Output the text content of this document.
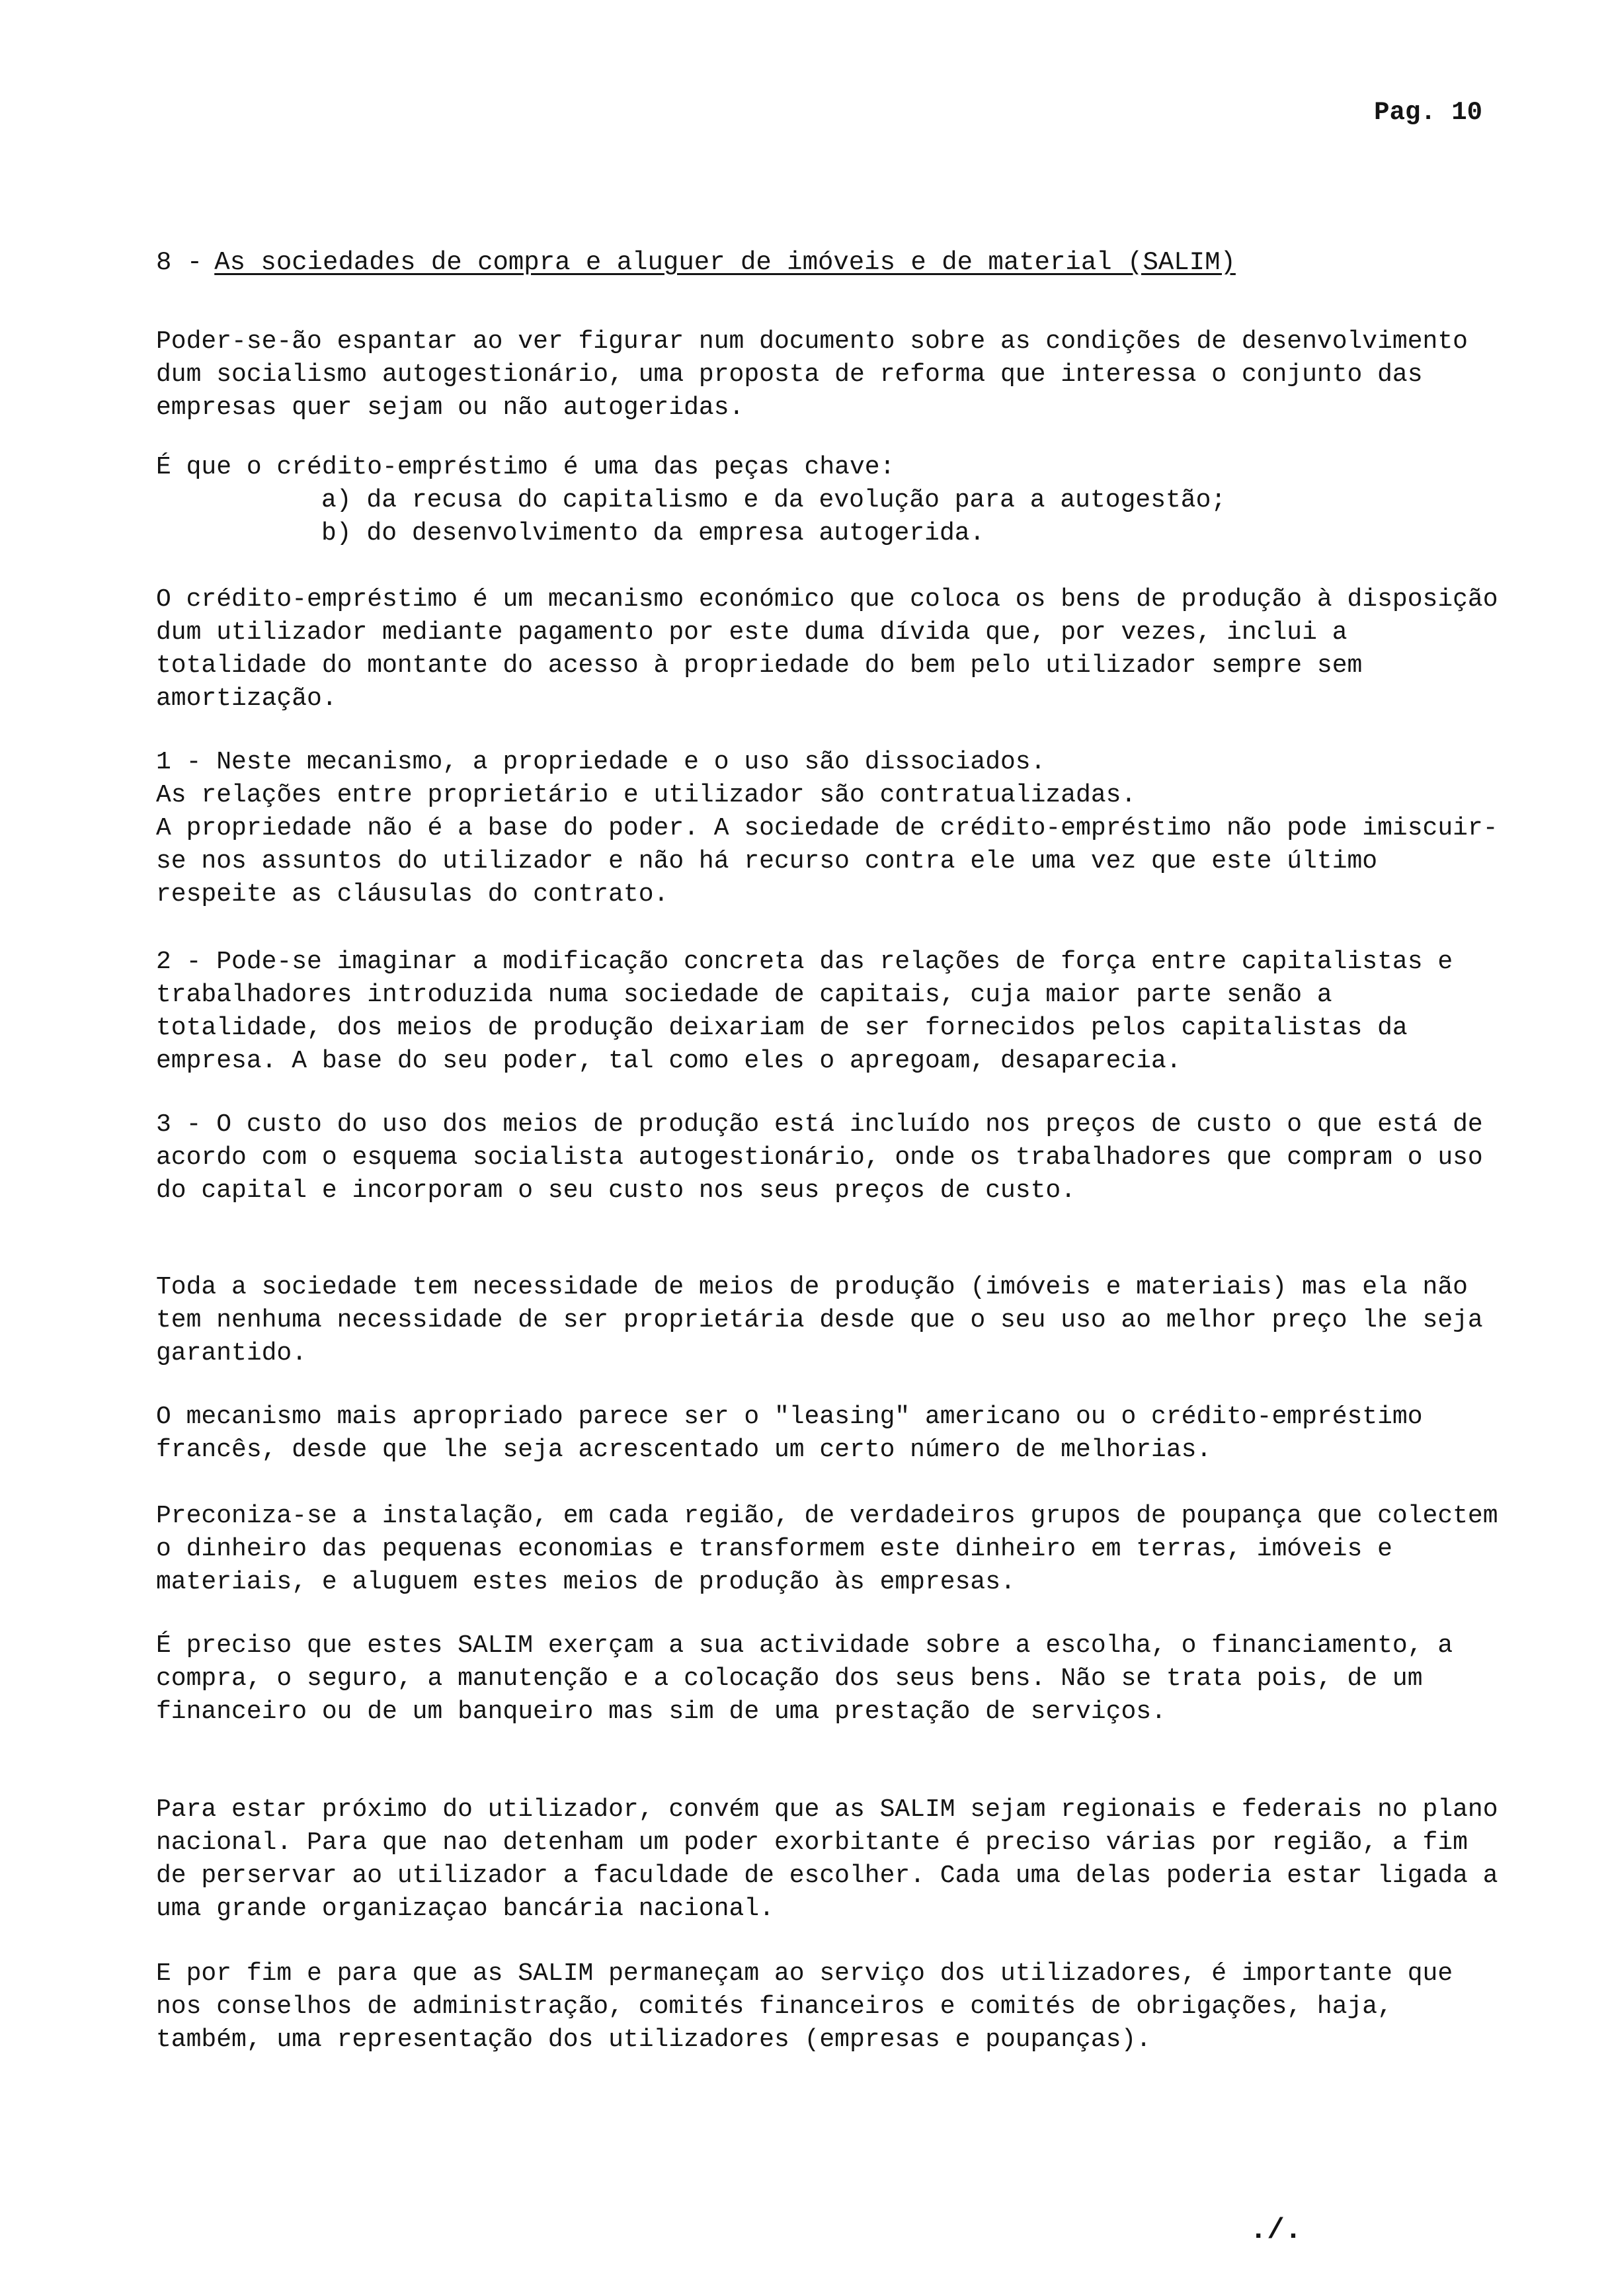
Pag. 10
8 - As sociedades de compra e aluguer de imóveis e de material (SALIM)
Poder-se-ão espantar ao ver figurar num documento sobre as condições de desenvolvimento dum socialismo autogestionário, uma proposta de reforma que interessa o conjunto das empresas quer sejam ou não autogeridas.
É que o crédito-empréstimo é uma das peças chave:
a) da recusa do capitalismo e da evolução para a autogestão;
b) do desenvolvimento da empresa autogerida.
O crédito-empréstimo é um mecanismo económico que coloca os bens de produção à disposição dum utilizador mediante pagamento por este duma dívida que, por vezes, inclui a totalidade do montante do acesso à propriedade do bem pelo utilizador sempre sem amortização.
1 - Neste mecanismo, a propriedade e o uso são dissociados.
As relações entre proprietário e utilizador são contratualizadas.
A propriedade não é a base do poder. A sociedade de crédito-empréstimo não pode imiscuir-se nos assuntos do utilizador e não há recurso contra ele uma vez que este último respeite as cláusulas do contrato.
2 - Pode-se imaginar a modificação concreta das relações de força entre capitalistas e trabalhadores introduzida numa sociedade de capitais, cuja maior parte senão a totalidade, dos meios de produção deixariam de ser fornecidos pelos capitalistas da empresa. A base do seu poder, tal como eles o apregoam, desaparecia.
3 - O custo do uso dos meios de produção está incluído nos preços de custo o que está de acordo com o esquema socialista autogestionário, onde os trabalhadores que compram o uso do capital e incorporam o seu custo nos seus preços de custo.
Toda a sociedade tem necessidade de meios de produção (imóveis e materiais) mas ela não tem nenhuma necessidade de ser proprietária desde que o seu uso ao melhor preço lhe seja garantido.
O mecanismo mais apropriado parece ser o "leasing" americano ou o crédito-empréstimo francês, desde que lhe seja acrescentado um certo número de melhorias.
Preconiza-se a instalação, em cada região, de verdadeiros grupos de poupança que colectem o dinheiro das pequenas economias e transformem este dinheiro em terras, imóveis e materiais, e aluguem estes meios de produção às empresas.
É preciso que estes SALIM exerçam a sua actividade sobre a escolha, o financiamento, a compra, o seguro, a manutenção e a colocação dos seus bens. Não se trata pois, de um financeiro ou de um banqueiro mas sim de uma prestação de serviços.
Para estar próximo do utilizador, convém que as SALIM sejam regionais e federais no plano nacional. Para que nao detenham um poder exorbitante é preciso várias por região, a fim de perservar ao utilizador a faculdade de escolher. Cada uma delas poderia estar ligada a uma grande organizaçao bancária nacional.
E por fim e para que as SALIM permaneçam ao serviço dos utilizadores, é importante que nos conselhos de administração, comités financeiros e comités de obrigações, haja, também, uma representação dos utilizadores (empresas e poupanças).
./.
